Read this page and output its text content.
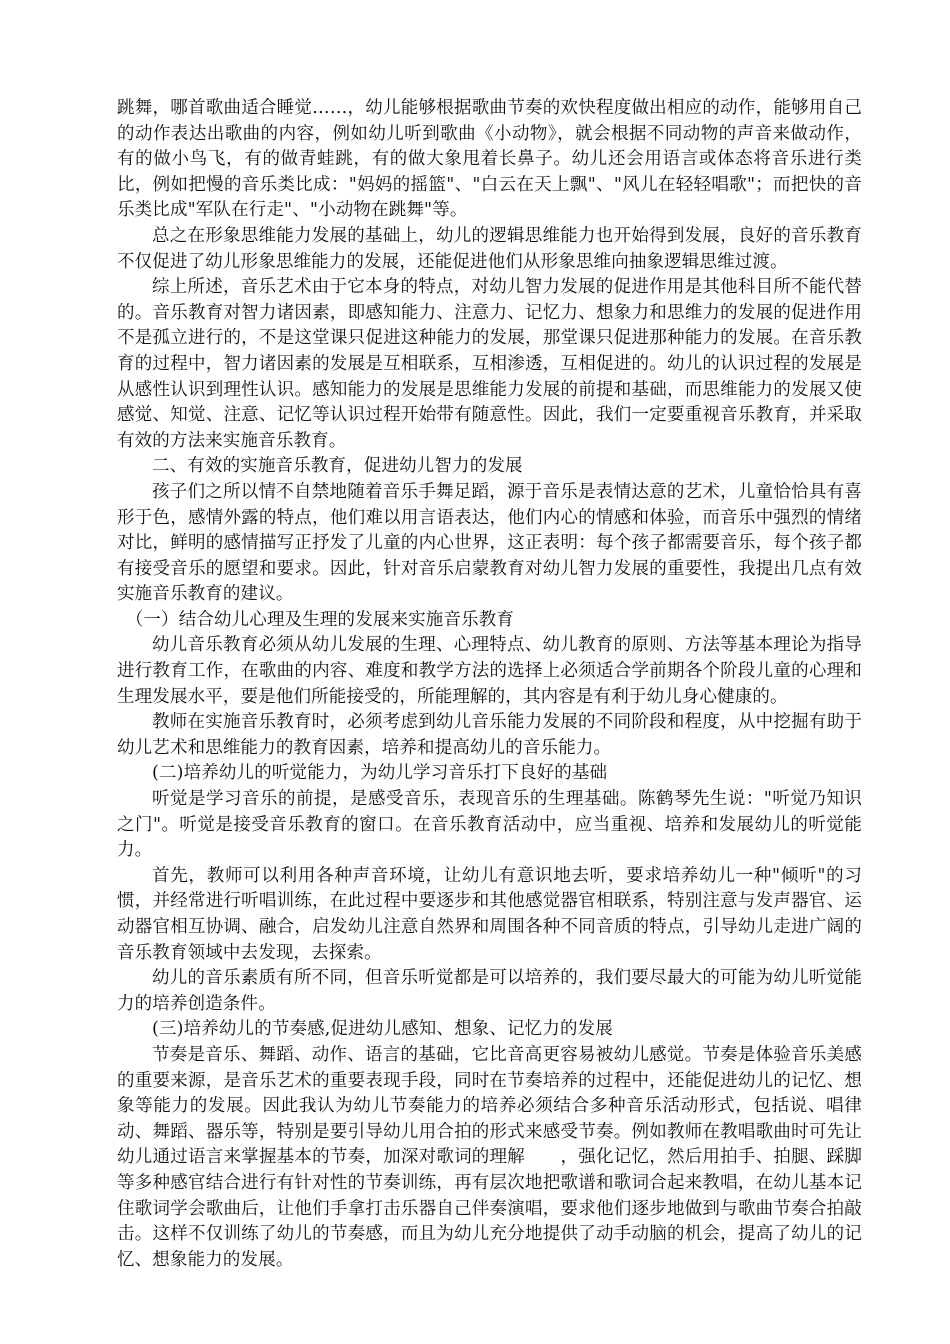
跳舞，哪首歌曲适合睡觉……，幼儿能够根据歌曲节奏的欢快程度做出相应的动作，能够用自己的动作表达出歌曲的内容，例如幼儿听到歌曲《小动物》，就会根据不同动物的声音来做动作，有的做小鸟飞，有的做青蛙跳，有的做大象甩着长鼻子。幼儿还会用语言或体态将音乐进行类比，例如把慢的音乐类比成："妈妈的摇篮"、"白云在天上飘"、"风儿在轻轻唱歌"；而把快的音乐类比成"军队在行走"、"小动物在跳舞"等。

总之在形象思维能力发展的基础上，幼儿的逻辑思维能力也开始得到发展，良好的音乐教育不仅促进了幼儿形象思维能力的发展，还能促进他们从形象思维向抽象逻辑思维过渡。

综上所述，音乐艺术由于它本身的特点，对幼儿智力发展的促进作用是其他科目所不能代替的。音乐教育对智力诸因素，即感知能力、注意力、记忆力、想象力和思维力的发展的促进作用不是孤立进行的，不是这堂课只促进这种能力的发展，那堂课只促进那种能力的发展。在音乐教育的过程中，智力诸因素的发展是互相联系，互相渗透，互相促进的。幼儿的认识过程的发展是从感性认识到理性认识。感知能力的发展是思维能力发展的前提和基础，而思维能力的发展又使感觉、知觉、注意、记忆等认识过程开始带有随意性。因此，我们一定要重视音乐教育，并采取有效的方法来实施音乐教育。

二、有效的实施音乐教育，促进幼儿智力的发展

孩子们之所以情不自禁地随着音乐手舞足蹈，源于音乐是表情达意的艺术，儿童恰恰具有喜形于色，感情外露的特点，他们难以用言语表达，他们内心的情感和体验，而音乐中强烈的情绪对比，鲜明的感情描写正抒发了儿童的内心世界，这正表明：每个孩子都需要音乐，每个孩子都有接受音乐的愿望和要求。因此，针对音乐启蒙教育对幼儿智力发展的重要性，我提出几点有效实施音乐教育的建议。

（一）结合幼儿心理及生理的发展来实施音乐教育

幼儿音乐教育必须从幼儿发展的生理、心理特点、幼儿教育的原则、方法等基本理论为指导进行教育工作，在歌曲的内容、难度和教学方法的选择上必须适合学前期各个阶段儿童的心理和生理发展水平，要是他们所能接受的，所能理解的，其内容是有利于幼儿身心健康的。

教师在实施音乐教育时，必须考虑到幼儿音乐能力发展的不同阶段和程度，从中挖掘有助于幼儿艺术和思维能力的教育因素，培养和提高幼儿的音乐能力。

(二)培养幼儿的听觉能力，为幼儿学习音乐打下良好的基础

听觉是学习音乐的前提，是感受音乐，表现音乐的生理基础。陈鹤琴先生说："听觉乃知识之门"。听觉是接受音乐教育的窗口。在音乐教育活动中，应当重视、培养和发展幼儿的听觉能力。

首先，教师可以利用各种声音环境，让幼儿有意识地去听，要求培养幼儿一种"倾听"的习惯，并经常进行听唱训练，在此过程中要逐步和其他感觉器官相联系，特别注意与发声器官、运动器官相互协调、融合，启发幼儿注意自然界和周围各种不同音质的特点，引导幼儿走进广阔的音乐教育领域中去发现，去探索。

幼儿的音乐素质有所不同，但音乐听觉都是可以培养的，我们要尽最大的可能为幼儿听觉能力的培养创造条件。

(三)培养幼儿的节奏感,促进幼儿感知、想象、记忆力的发展

节奏是音乐、舞蹈、动作、语言的基础，它比音高更容易被幼儿感觉。节奏是体验音乐美感的重要来源，是音乐艺术的重要表现手段，同时在节奏培养的过程中，还能促进幼儿的记忆、想象等能力的发展。因此我认为幼儿节奏能力的培养必须结合多种音乐活动形式，包括说、唱律动、舞蹈、器乐等，特别是要引导幼儿用合拍的形式来感受节奏。例如教师在教唱歌曲时可先让幼儿通过语言来掌握基本的节奏，加深对歌词的理解　　，强化记忆，然后用拍手、拍腿、踩脚等多种感官结合进行有针对性的节奏训练，再有层次地把歌谱和歌词合起来教唱，在幼儿基本记住歌词学会歌曲后，让他们手拿打击乐器自己伴奏演唱，要求他们逐步地做到与歌曲节奏合拍敲击。这样不仅训练了幼儿的节奏感，而且为幼儿充分地提供了动手动脑的机会，提高了幼儿的记忆、想象能力的发展。
